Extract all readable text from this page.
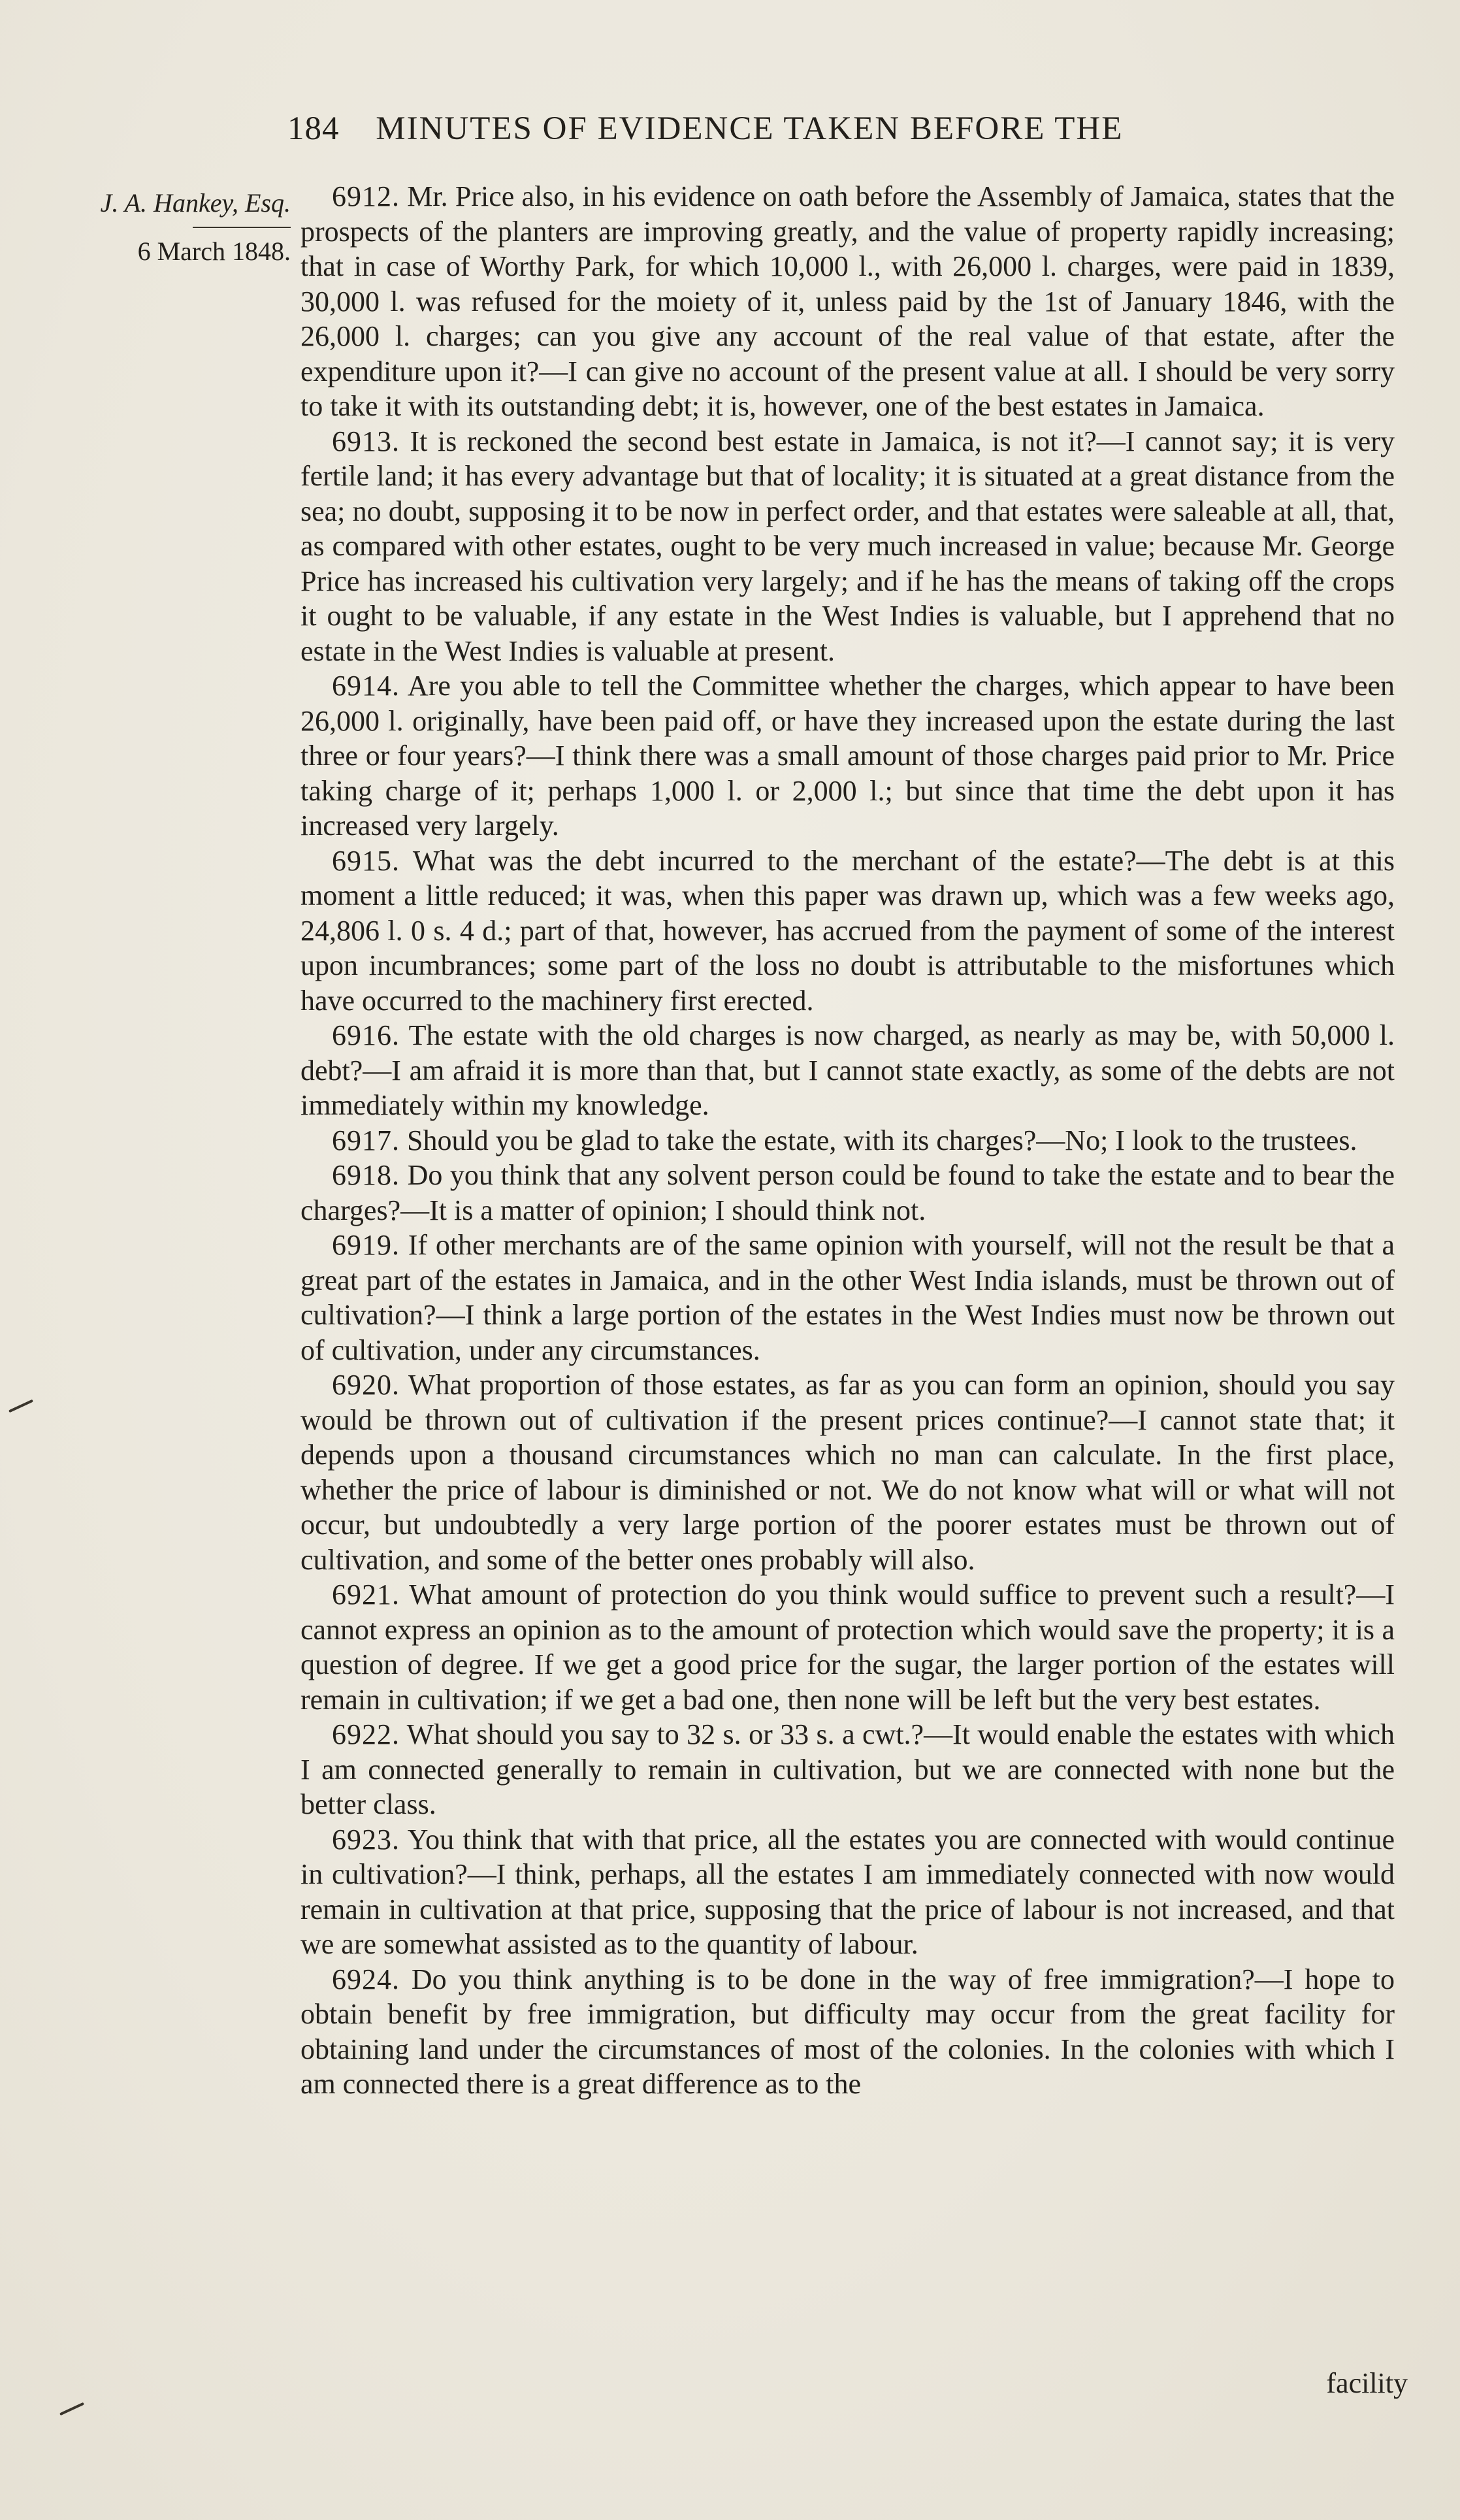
184 MINUTES OF EVIDENCE TAKEN BEFORE THE
J. A. Hankey, Esq.
6 March 1848.

6912. Mr. Price also, in his evidence on oath before the Assembly of Jamaica, states that the prospects of the planters are improving greatly, and the value of property rapidly increasing; that in case of Worthy Park, for which 10,000 l., with 26,000 l. charges, were paid in 1839, 30,000 l. was refused for the moiety of it, unless paid by the 1st of January 1846, with the 26,000 l. charges; can you give any account of the real value of that estate, after the expenditure upon it?—I can give no account of the present value at all. I should be very sorry to take it with its outstanding debt; it is, however, one of the best estates in Jamaica.

6913. It is reckoned the second best estate in Jamaica, is not it?—I cannot say; it is very fertile land; it has every advantage but that of locality; it is situated at a great distance from the sea; no doubt, supposing it to be now in perfect order, and that estates were saleable at all, that, as compared with other estates, ought to be very much increased in value; because Mr. George Price has increased his cultivation very largely; and if he has the means of taking off the crops it ought to be valuable, if any estate in the West Indies is valuable, but I apprehend that no estate in the West Indies is valuable at present.

6914. Are you able to tell the Committee whether the charges, which appear to have been 26,000 l. originally, have been paid off, or have they increased upon the estate during the last three or four years?—I think there was a small amount of those charges paid prior to Mr. Price taking charge of it; perhaps 1,000 l. or 2,000 l.; but since that time the debt upon it has increased very largely.

6915. What was the debt incurred to the merchant of the estate?—The debt is at this moment a little reduced; it was, when this paper was drawn up, which was a few weeks ago, 24,806 l. 0 s. 4 d.; part of that, however, has accrued from the payment of some of the interest upon incumbrances; some part of the loss no doubt is attributable to the misfortunes which have occurred to the machinery first erected.

6916. The estate with the old charges is now charged, as nearly as may be, with 50,000 l. debt?—I am afraid it is more than that, but I cannot state exactly, as some of the debts are not immediately within my knowledge.

6917. Should you be glad to take the estate, with its charges?—No; I look to the trustees.

6918. Do you think that any solvent person could be found to take the estate and to bear the charges?—It is a matter of opinion; I should think not.

6919. If other merchants are of the same opinion with yourself, will not the result be that a great part of the estates in Jamaica, and in the other West India islands, must be thrown out of cultivation?—I think a large portion of the estates in the West Indies must now be thrown out of cultivation, under any circumstances.

6920. What proportion of those estates, as far as you can form an opinion, should you say would be thrown out of cultivation if the present prices continue?—I cannot state that; it depends upon a thousand circumstances which no man can calculate. In the first place, whether the price of labour is diminished or not. We do not know what will or what will not occur, but undoubtedly a very large portion of the poorer estates must be thrown out of cultivation, and some of the better ones probably will also.

6921. What amount of protection do you think would suffice to prevent such a result?—I cannot express an opinion as to the amount of protection which would save the property; it is a question of degree. If we get a good price for the sugar, the larger portion of the estates will remain in cultivation; if we get a bad one, then none will be left but the very best estates.

6922. What should you say to 32 s. or 33 s. a cwt.?—It would enable the estates with which I am connected generally to remain in cultivation, but we are connected with none but the better class.

6923. You think that with that price, all the estates you are connected with would continue in cultivation?—I think, perhaps, all the estates I am immediately connected with now would remain in cultivation at that price, supposing that the price of labour is not increased, and that we are somewhat assisted as to the quantity of labour.

6924. Do you think anything is to be done in the way of free immigration?—I hope to obtain benefit by free immigration, but difficulty may occur from the great facility for obtaining land under the circumstances of most of the colonies. In the colonies with which I am connected there is a great difference as to the

facility
